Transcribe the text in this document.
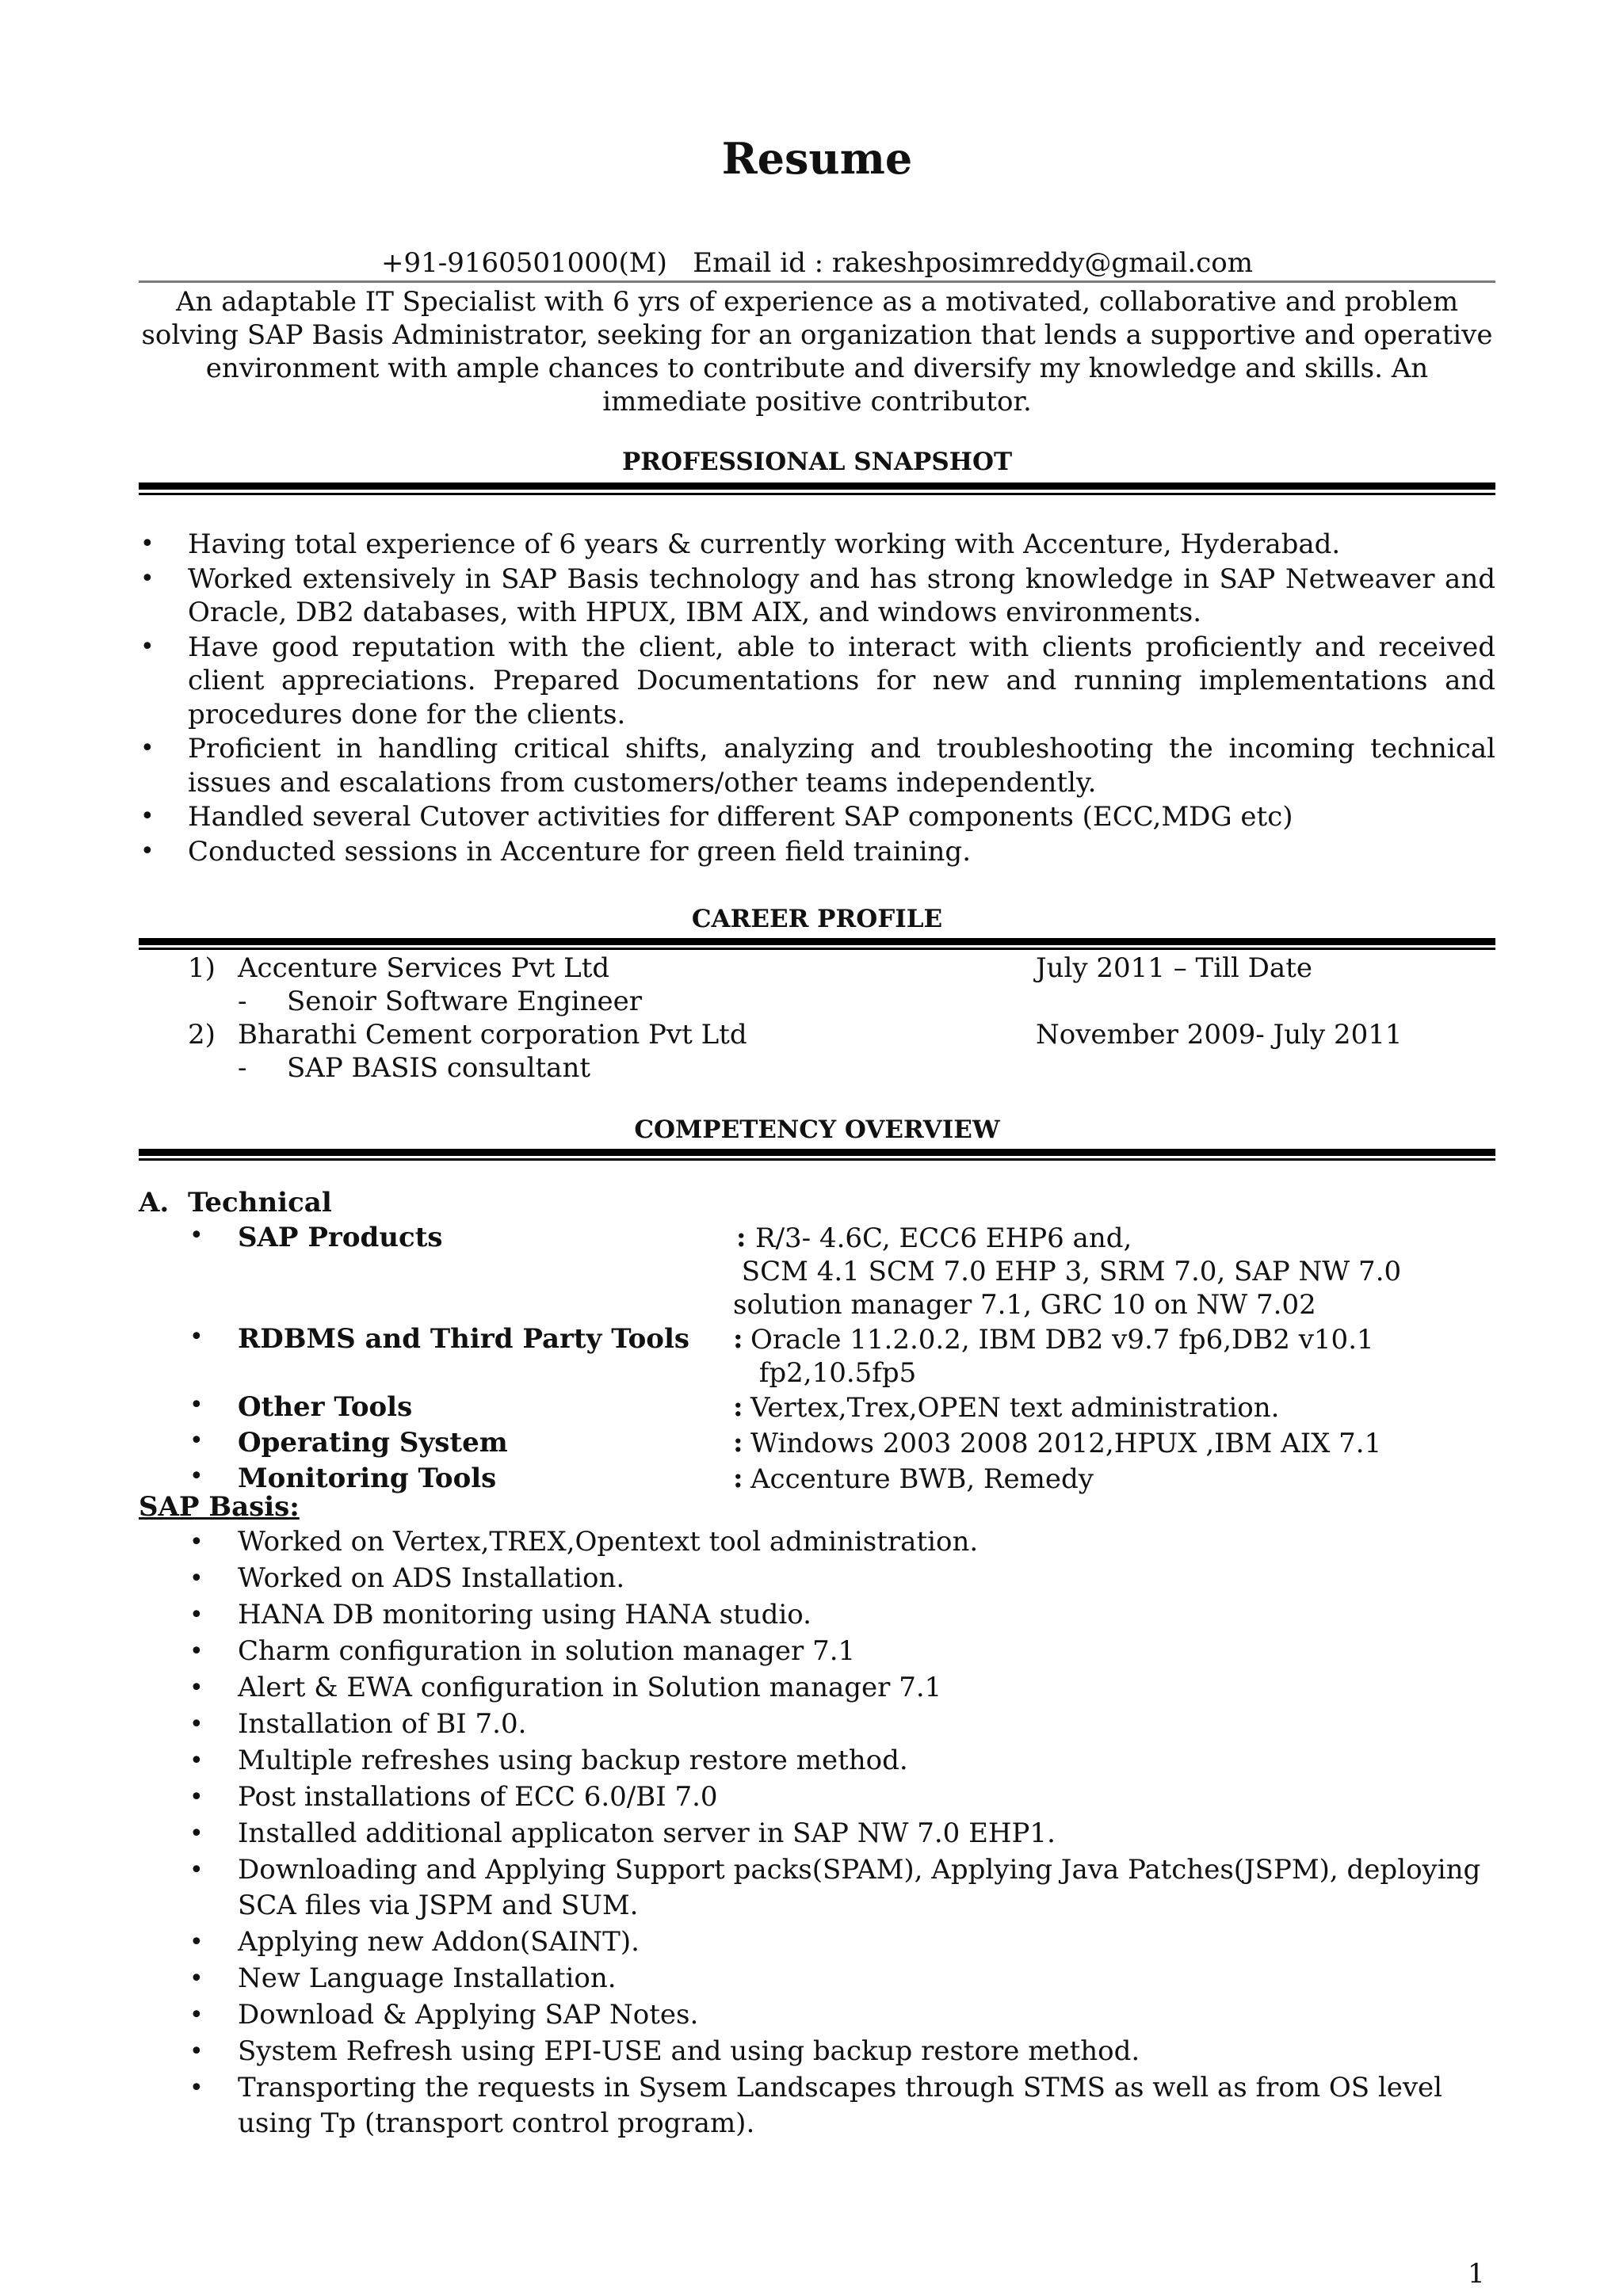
Resume
+91-9160501000(M)   Email id : rakeshposimreddy@gmail.com

An adaptable IT Specialist with 6 yrs of experience as a motivated, collaborative and problem solving SAP Basis Administrator, seeking for an organization that lends a supportive and operative environment with ample chances to contribute and diversify my knowledge and skills. An immediate positive contributor.

PROFESSIONAL SNAPSHOT
• Having total experience of 6 years & currently working with Accenture, Hyderabad.
• Worked extensively in SAP Basis technology and has strong knowledge in SAP Netweaver and Oracle, DB2 databases, with HPUX, IBM AIX, and windows environments.
• Have good reputation with the client, able to interact with clients proficiently and received client appreciations. Prepared Documentations for new and running implementations and procedures done for the clients.
• Proficient in handling critical shifts, analyzing and troubleshooting the incoming technical issues and escalations from customers/other teams independently.
• Handled several Cutover activities for different SAP components (ECC,MDG etc)
• Conducted sessions in Accenture for green field training.
CAREER PROFILE
1) Accenture Services Pvt Ltd	July 2011 – Till Date
- Senoir Software Engineer
2) Bharathi Cement corporation Pvt Ltd	November 2009- July 2011
- SAP BASIS consultant
COMPETENCY OVERVIEW
A. Technical
• SAP Products	: R/3- 4.6C, ECC6 EHP6 and,
SCM 4.1 SCM 7.0 EHP 3, SRM 7.0, SAP NW 7.0
solution manager 7.1, GRC 10 on NW 7.02
• RDBMS and Third Party Tools : Oracle 11.2.0.2, IBM DB2 v9.7 fp6,DB2 v10.1
fp2,10.5fp5
• Other Tools	: Vertex,Trex,OPEN text administration.
• Operating System	: Windows 2003 2008 2012,HPUX ,IBM AIX 7.1
• Monitoring Tools	: Accenture BWB, Remedy
SAP Basis:
• Worked on Vertex,TREX,Opentext tool administration.
• Worked on ADS Installation.
• HANA DB monitoring using HANA studio.
• Charm configuration in solution manager 7.1
• Alert & EWA configuration in Solution manager 7.1
• Installation of BI 7.0.
• Multiple refreshes using backup restore method.
• Post installations of ECC 6.0/BI 7.0
• Installed additional applicaton server in SAP NW 7.0 EHP1.
• Downloading and Applying Support packs(SPAM), Applying Java Patches(JSPM), deploying SCA files via JSPM and SUM.
• Applying new Addon(SAINT).
• New Language Installation.
• Download & Applying SAP Notes.
• System Refresh using EPI-USE and using backup restore method.
• Transporting the requests in Sysem Landscapes through STMS as well as from OS level using Tp (transport control program).
1
